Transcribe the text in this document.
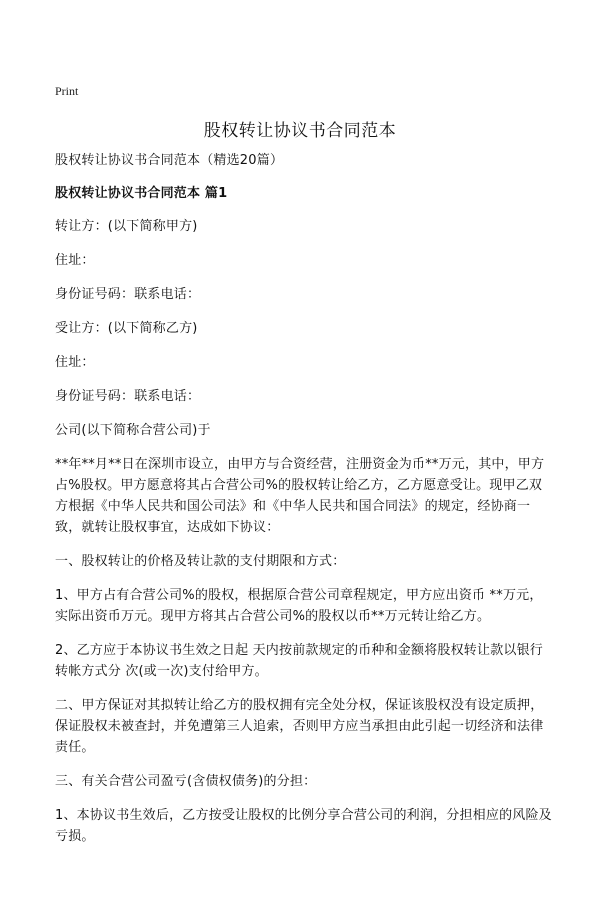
Print
股权转让协议书合同范本

股权转让协议书合同范本（精选20篇）

股权转让协议书合同范本 篇1

转让方：(以下简称甲方)

住址：

身份证号码：联系电话：

受让方：(以下简称乙方)

住址：

身份证号码：联系电话：

公司(以下简称合营公司)于

**年**月**日在深圳市设立，由甲方与合资经营，注册资金为币**万元，其中，甲方占%股权。甲方愿意将其占合营公司%的股权转让给乙方，乙方愿意受让。现甲乙双方根据《中华人民共和国公司法》和《中华人民共和国合同法》的规定，经协商一致，就转让股权事宜，达成如下协议：

一、股权转让的价格及转让款的支付期限和方式：

1、甲方占有合营公司%的股权，根据原合营公司章程规定，甲方应出资币 **万元，实际出资币万元。现甲方将其占合营公司%的股权以币**万元转让给乙方。

2、乙方应于本协议书生效之日起 天内按前款规定的币种和金额将股权转让款以银行转帐方式分 次(或一次)支付给甲方。

二、甲方保证对其拟转让给乙方的股权拥有完全处分权，保证该股权没有设定质押，保证股权未被查封，并免遭第三人追索，否则甲方应当承担由此引起一切经济和法律责任。

三、有关合营公司盈亏(含债权债务)的分担：

1、本协议书生效后，乙方按受让股权的比例分享合营公司的利润，分担相应的风险及亏损。
